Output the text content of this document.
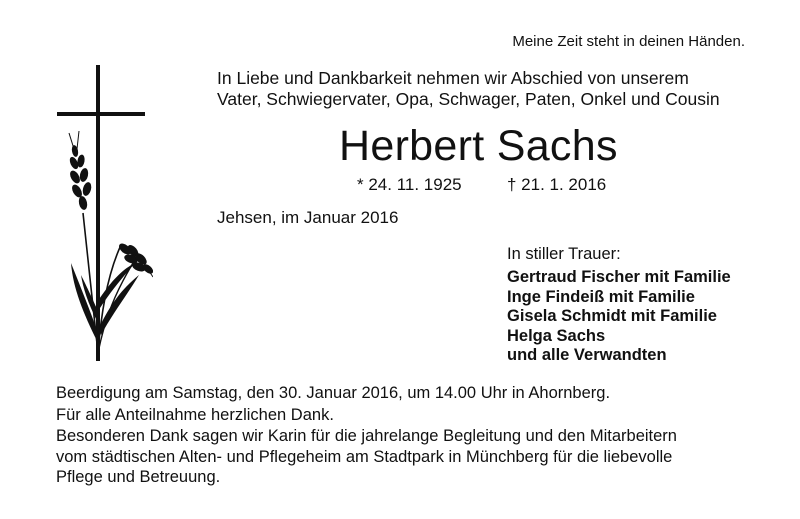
Meine Zeit steht in deinen Händen.
In Liebe und Dankbarkeit nehmen wir Abschied von unserem
Vater, Schwiegervater, Opa, Schwager, Paten, Onkel und Cousin
Herbert Sachs
* 24. 11. 1925	† 21. 1. 2016
Jehsen, im Januar 2016
In stiller Trauer:
Gertraud Fischer mit Familie
Inge Findeiß mit Familie
Gisela Schmidt mit Familie
Helga Sachs
und alle Verwandten
Beerdigung am Samstag, den 30. Januar 2016, um 14.00 Uhr in Ahornberg.
Für alle Anteilnahme herzlichen Dank.
Besonderen Dank sagen wir Karin für die jahrelange Begleitung und den Mitarbeitern
vom städtischen Alten- und Pflegeheim am Stadtpark in Münchberg für die liebevolle
Pflege und Betreuung.
